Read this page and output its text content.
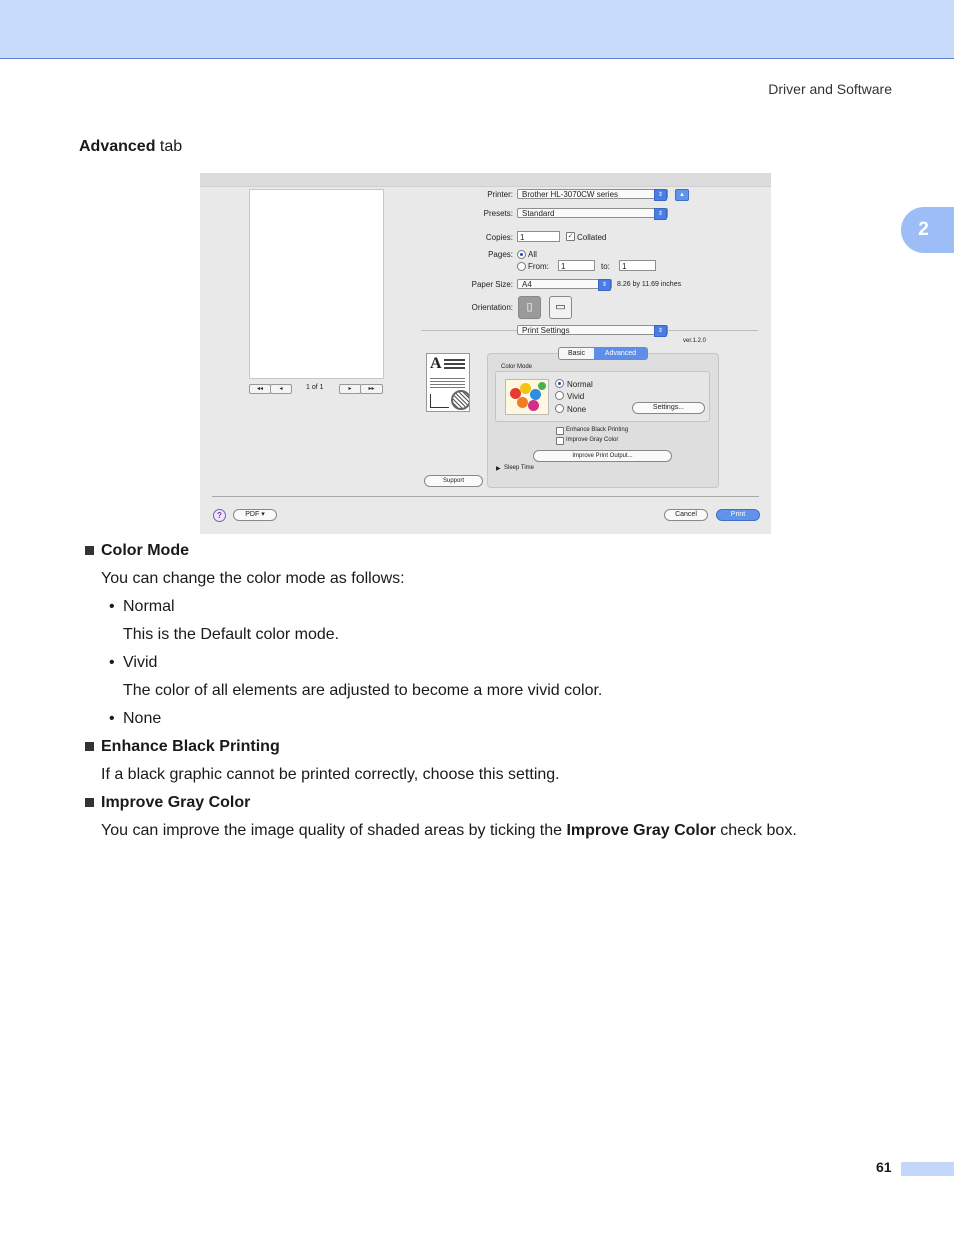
Driver and Software
2
Advanced tab
◂◂	◂	1 of 1	▸	▸▸
Printer:	Brother HL-3070CW series	⇕	▴
Presets:	Standard	⇕
Copies: 1	✓ Collated
Pages: All
From:	1	to:	1
Paper Size:	A4	⇕	8.26 by 11.69 inches
Orientation:	▯	▭
Print Settings	⇕
ver.1.2.0
A
Basic	Advanced
Color Mode
Normal
Vivid
None	Settings...
Enhance Black Printing
Improve Gray Color
Improve Print Output...
▶ Sleep Time
Support
?	PDF ▾	Cancel	Print
Color Mode
You can change the color mode as follows:
• Normal
This is the Default color mode.
• Vivid
The color of all elements are adjusted to become a more vivid color.
• None
Enhance Black Printing
If a black graphic cannot be printed correctly, choose this setting.
Improve Gray Color
You can improve the image quality of shaded areas by ticking the Improve Gray Color check box.
61
